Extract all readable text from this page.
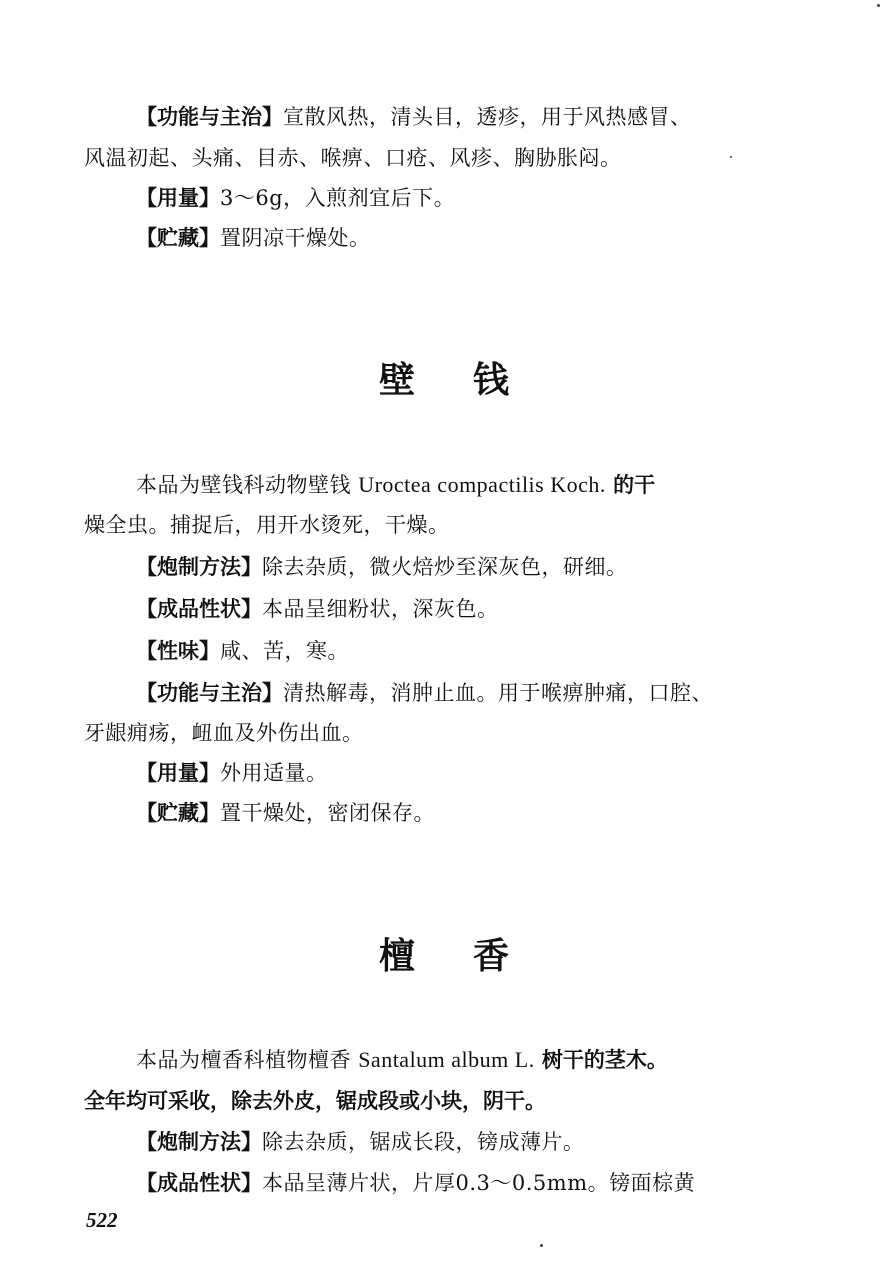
【功能与主治】宣散风热，清头目，透疹，用于风热感冒、
风温初起、头痛、目赤、喉痹、口疮、风疹、胸胁胀闷。
【用量】3～6g，入煎剂宜后下。
【贮藏】置阴凉干燥处。
壁钱
本品为壁钱科动物壁钱 Uroctea compactilis Koch. 的干
燥全虫。捕捉后，用开水烫死，干燥。
【炮制方法】除去杂质，微火焙炒至深灰色，研细。
【成品性状】本品呈细粉状，深灰色。
【性味】咸、苦，寒。
【功能与主治】清热解毒，消肿止血。用于喉痹肿痛，口腔、
牙龈痈疡，衄血及外伤出血。
【用量】外用适量。
【贮藏】置干燥处，密闭保存。
檀香
本品为檀香科植物檀香 Santalum album L. 树干的茎木。
全年均可采收，除去外皮，锯成段或小块，阴干。
【炮制方法】除去杂质，锯成长段，镑成薄片。
【成品性状】本品呈薄片状，片厚0.3～0.5mm。镑面棕黄
522
